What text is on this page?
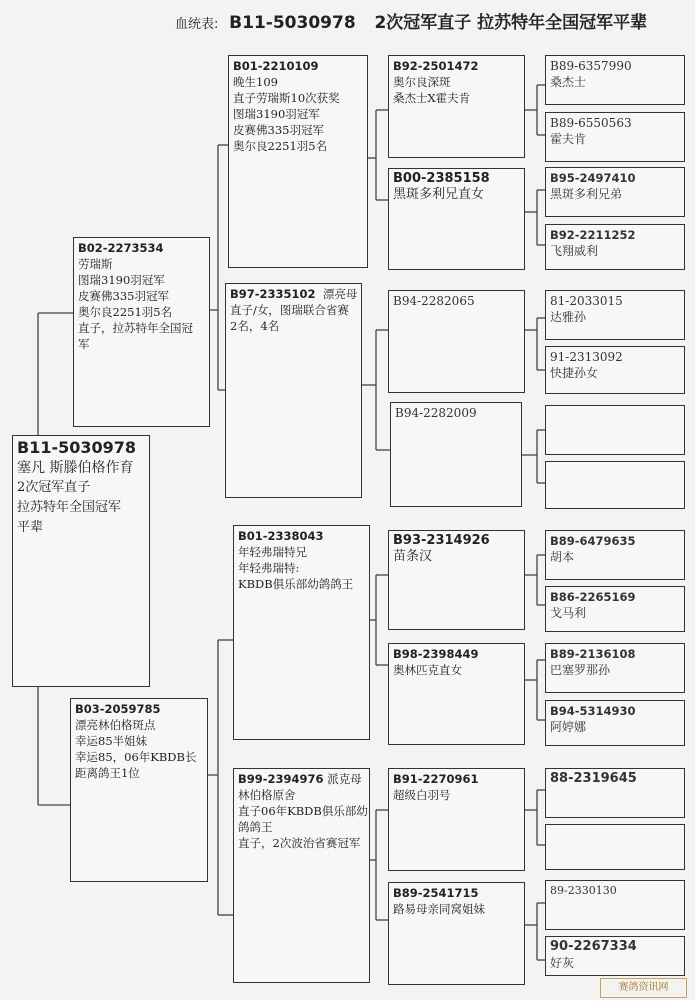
血统表: B11-5030978 2次冠军直子 拉苏特年全国冠军平辈
B11-5030978
塞凡 斯滕伯格作育
2次冠军直子
拉苏特年全国冠军
平辈
B02-2273534
劳瑞斯
图瑞3190羽冠军
皮赛佛335羽冠军
奥尔良2251羽5名
直子，拉苏特年全国冠
军
B03-2059785
漂亮林伯格斑点
幸运85半姐妹
幸运85，06年KBDB长
距离鸽王1位
B01-2210109
晚生109
直子劳瑞斯10次获奖
图瑞3190羽冠军
皮赛佛335羽冠军
奥尔良2251羽5名
B97-2335102 漂亮母
直子/女，图瑞联合省赛
2名，4名
B01-2338043
年轻弗瑞特兄
年轻弗瑞特:
KBDB俱乐部幼鸽鸽王
B99-2394976 派克母
林伯格原舍
直子06年KBDB俱乐部幼
鸽鸽王
直子，2次波治省赛冠军
B92-2501472
奥尔良深斑
桑杰士X霍夫肯
B00-2385158
黑斑多利兄直女
B94-2282065
B94-2282009
B93-2314926
苗条汉
B98-2398449
奥林匹克直女
B91-2270961
超级白羽号
B89-2541715
路易母亲同窝姐妹
B89-6357990
桑杰士
B89-6550563
霍夫肯
B95-2497410
黑斑多利兄弟
B92-2211252
飞翔威利
81-2033015
达雅孙
91-2313092
快捷孙女
B89-6479635
胡本
B86-2265169
戈马利
B89-2136108
巴塞罗那孙
B94-5314930
阿婷娜
88-2319645
89-2330130
90-2267334
好灰
赛鸽资讯网
